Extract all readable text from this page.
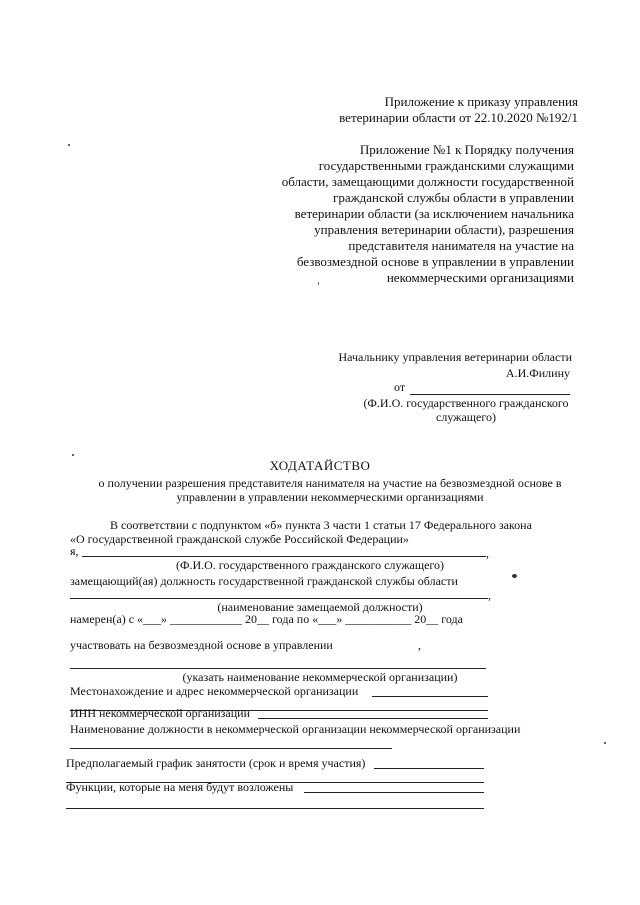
Приложение к приказу управления
ветеринарии области от 22.10.2020 №192/1
Приложение №1 к Порядку получения
государственными гражданскими служащими
области, замещающими должности государственной
гражданской службы области в управлении
ветеринарии области (за исключением начальника
управления ветеринарии области), разрешения
представителя нанимателя на участие на
безвозмездной основе в управлении в управлении
некоммерческими организациями
Начальнику управления ветеринарии области
А.И.Филину
от
(Ф.И.О. государственного гражданского
служащего)
ХОДАТАЙСТВО
о получении разрешения представителя нанимателя на участие на безвозмездной основе в
управлении в управлении некоммерческими организациями
В соответствии с подпунктом «б» пункта 3 части 1 статьи 17 Федерального закона
«О государственной гражданской службе Российской Федерации»
я,	,
(Ф.И.О. государственного гражданского служащего)
замещающий(ая) должность государственной гражданской службы области
,
(наименование замещаемой должности)
намерен(а) с «___» ____________ 20__ года по «___» ___________ 20__ года
участвовать на безвозмездной основе в управлении	,
(указать наименование некоммерческой организации)
Местонахождение и адрес некоммерческой организации
ИНН некоммерческой организации
Наименование должности в некоммерческой организации некоммерческой организации
Предполагаемый график занятости (срок и время участия)
Функции, которые на меня будут возложены
